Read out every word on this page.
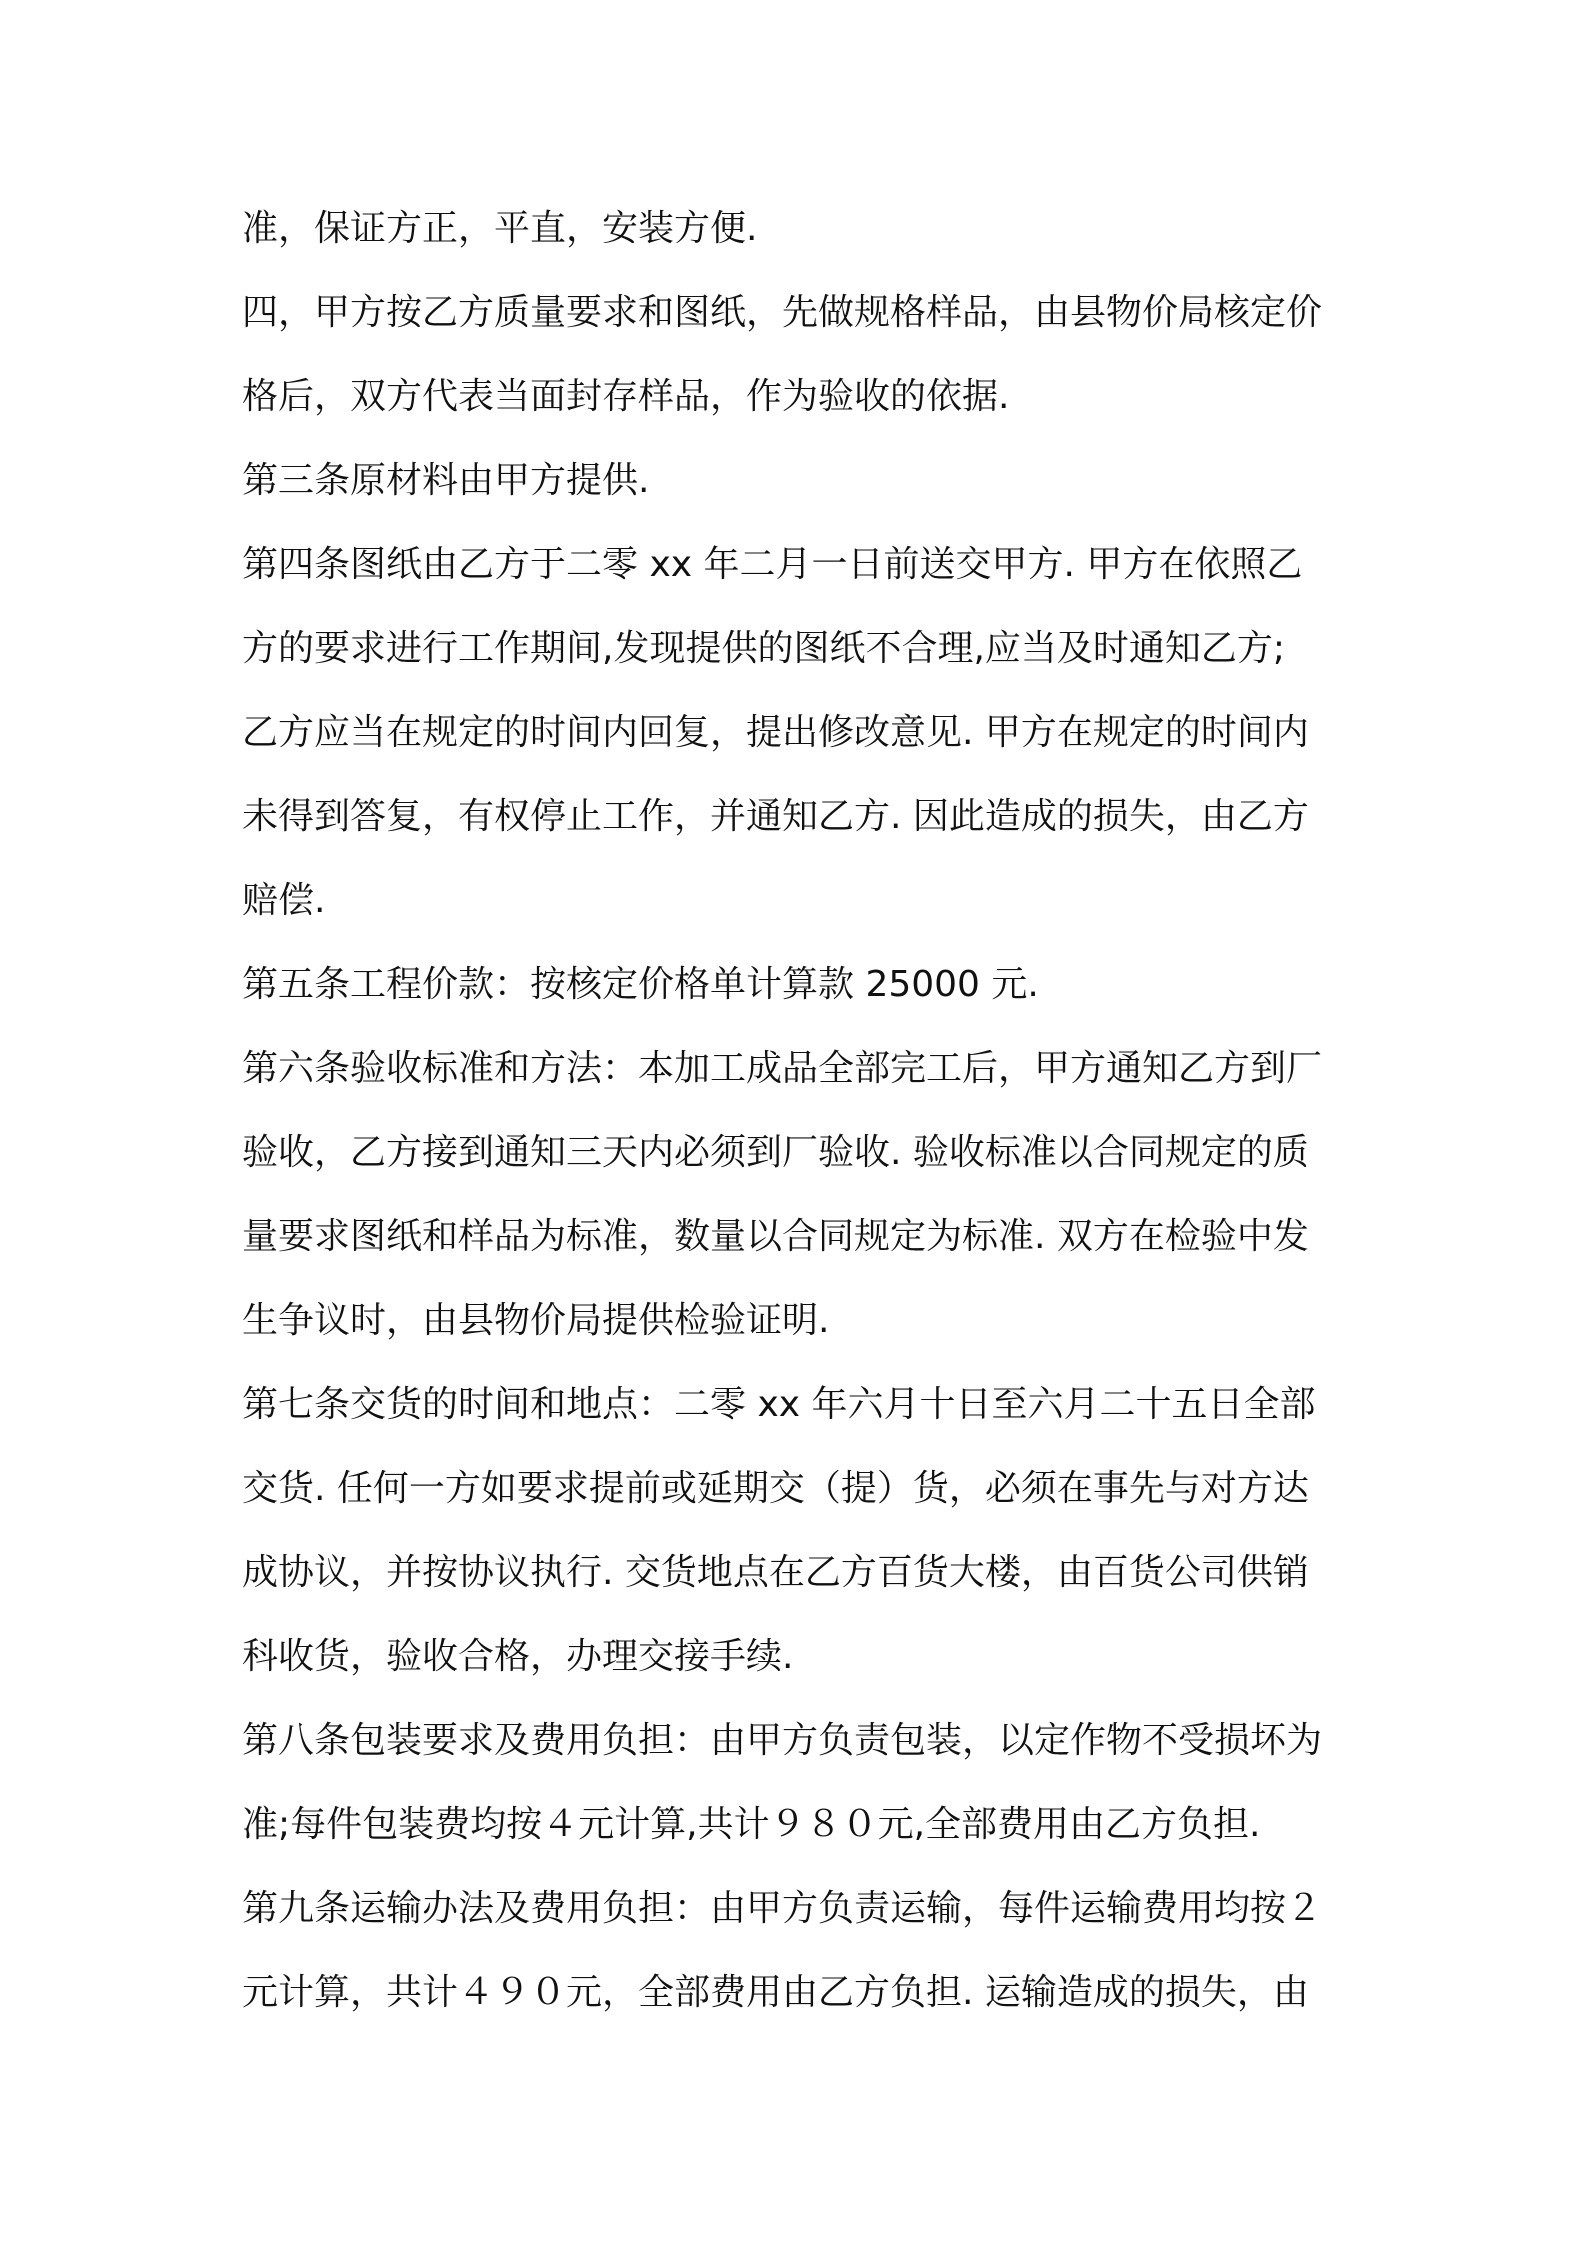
准，保证方正，平直，安装方便.
四，甲方按乙方质量要求和图纸，先做规格样品，由县物价局核定价
格后，双方代表当面封存样品，作为验收的依据.
第三条原材料由甲方提供.
第四条图纸由乙方于二零 xx 年二月一日前送交甲方. 甲方在依照乙
方的要求进行工作期间,发现提供的图纸不合理,应当及时通知乙方;
乙方应当在规定的时间内回复，提出修改意见. 甲方在规定的时间内
未得到答复，有权停止工作，并通知乙方. 因此造成的损失，由乙方
赔偿.
第五条工程价款：按核定价格单计算款 25000 元.
第六条验收标准和方法：本加工成品全部完工后，甲方通知乙方到厂
验收，乙方接到通知三天内必须到厂验收. 验收标准以合同规定的质
量要求图纸和样品为标准，数量以合同规定为标准. 双方在检验中发
生争议时，由县物价局提供检验证明.
第七条交货的时间和地点：二零 xx 年六月十日至六月二十五日全部
交货. 任何一方如要求提前或延期交（提）货，必须在事先与对方达
成协议，并按协议执行. 交货地点在乙方百货大楼，由百货公司供销
科收货，验收合格，办理交接手续.
第八条包装要求及费用负担：由甲方负责包装，以定作物不受损坏为
准;每件包装费均按４元计算,共计９８０元,全部费用由乙方负担.
第九条运输办法及费用负担：由甲方负责运输，每件运输费用均按２
元计算，共计４９０元，全部费用由乙方负担. 运输造成的损失，由
